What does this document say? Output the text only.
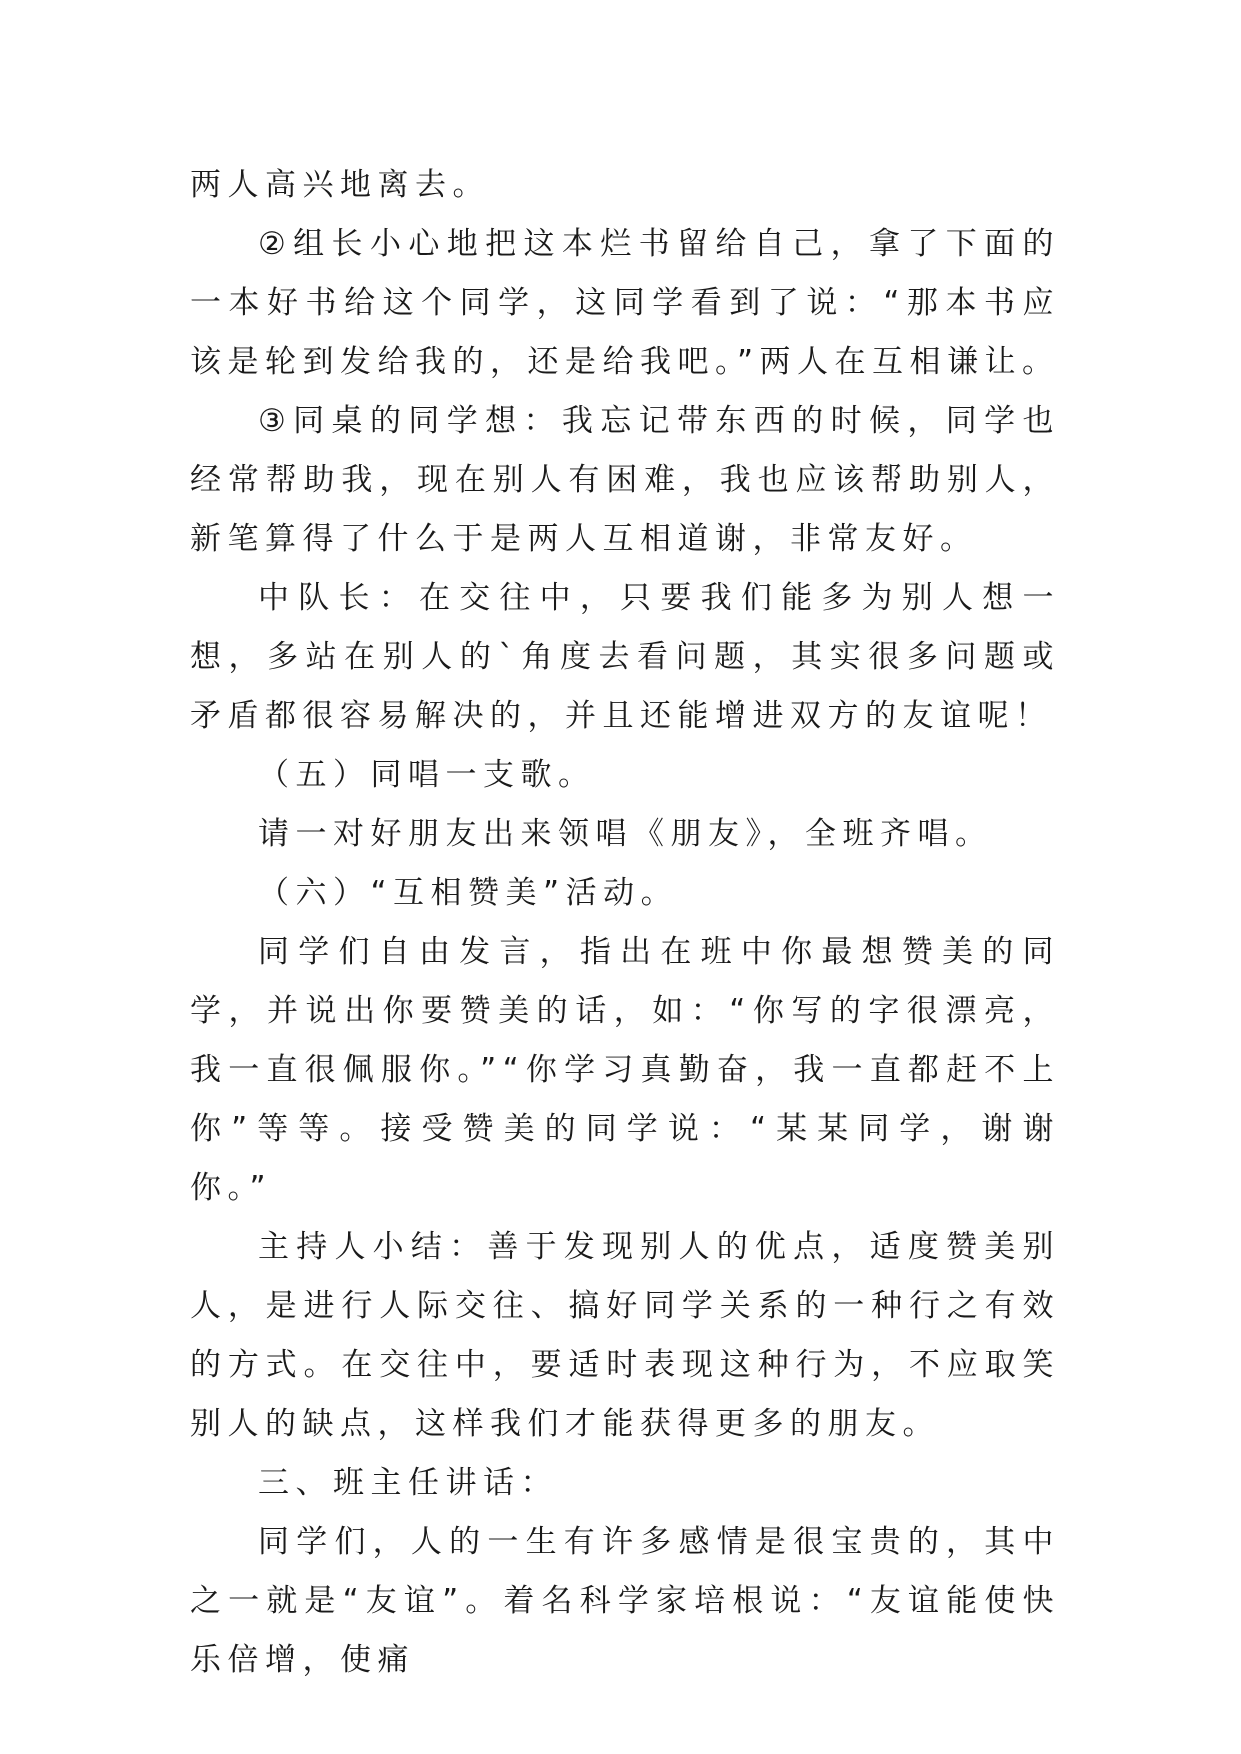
两人高兴地离去。

②组长小心地把这本烂书留给自己，拿了下面的一本好书给这个同学，这同学看到了说：“那本书应该是轮到发给我的，还是给我吧。”两人在互相谦让。

③同桌的同学想：我忘记带东西的时候，同学也经常帮助我，现在别人有困难，我也应该帮助别人，新笔算得了什么于是两人互相道谢，非常友好。

中队长：在交往中，只要我们能多为别人想一想，多站在别人的`角度去看问题，其实很多问题或矛盾都很容易解决的，并且还能增进双方的友谊呢！

（五）同唱一支歌。

请一对好朋友出来领唱《朋友》，全班齐唱。

（六）“互相赞美”活动。

同学们自由发言，指出在班中你最想赞美的同学，并说出你要赞美的话，如：“你写的字很漂亮，我一直很佩服你。”“你学习真勤奋，我一直都赶不上你”等等。接受赞美的同学说：“某某同学，谢谢你。”

主持人小结：善于发现别人的优点，适度赞美别人，是进行人际交往、搞好同学关系的一种行之有效的方式。在交往中，要适时表现这种行为，不应取笑别人的缺点，这样我们才能获得更多的朋友。

三、班主任讲话：

同学们，人的一生有许多感情是很宝贵的，其中之一就是“友谊”。着名科学家培根说：“友谊能使快乐倍增，使痛
